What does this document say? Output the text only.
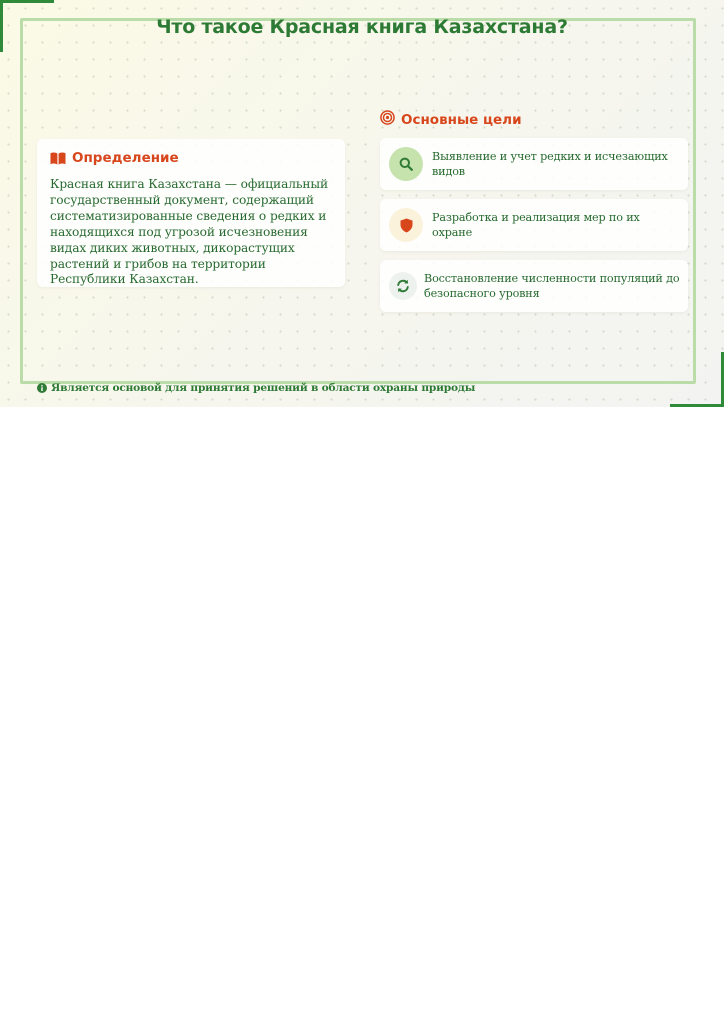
Что такое Красная книга Казахстана?
Определение
Красная книга Казахстана — официальный государственный документ, содержащий систематизированные сведения о редких и находящихся под угрозой исчезновения видах диких животных, дикорастущих растений и грибов на территории Республики Казахстан.
Основные цели
Выявление и учет редких и исчезающих видов
Разработка и реализация мер по их охране
Восстановление численности популяций до безопасного уровня
Является основой для принятия решений в области охраны природы
